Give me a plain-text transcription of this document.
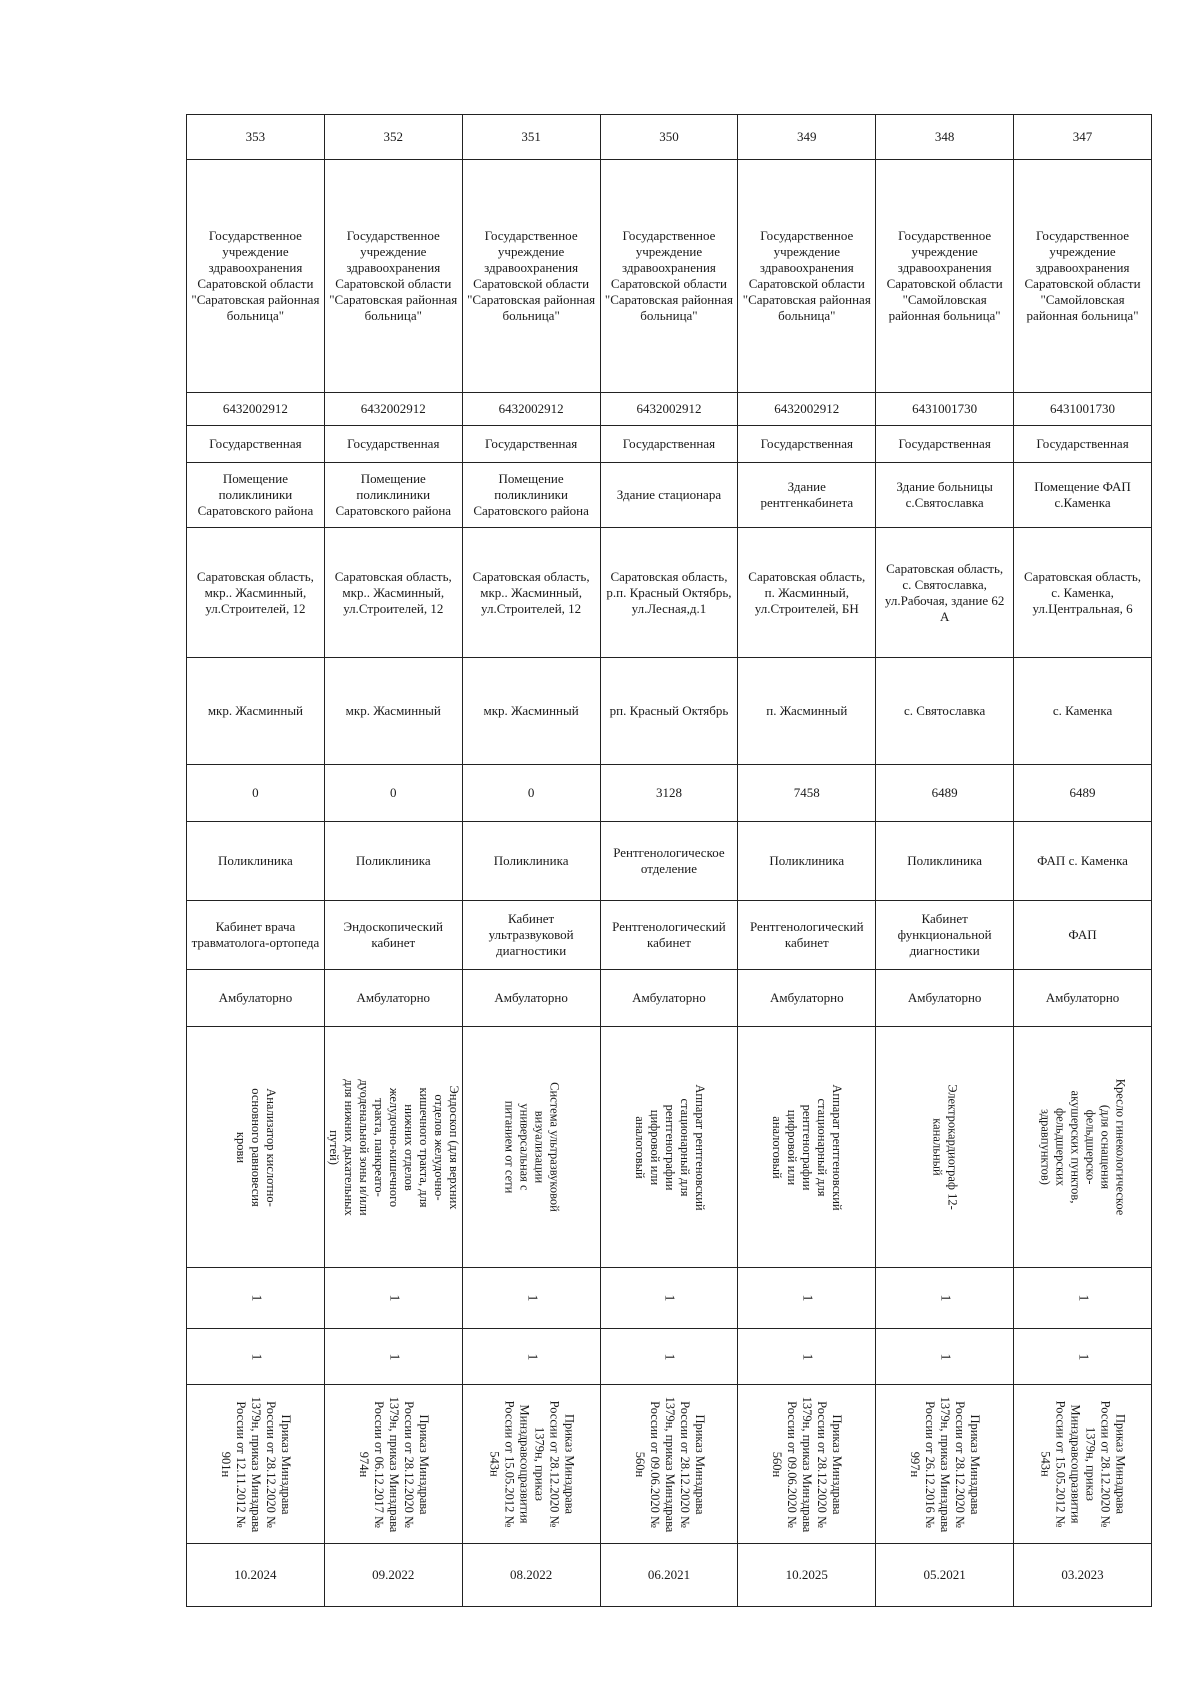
353	352	351	350	349	348	347
Государственное учреждение здравоохранения Саратовской области "Саратовская районная больница"	Государственное учреждение здравоохранения Саратовской области "Саратовская районная больница"	Государственное учреждение здравоохранения Саратовской области "Саратовская районная больница"	Государственное учреждение здравоохранения Саратовской области "Саратовская районная больница"	Государственное учреждение здравоохранения Саратовской области "Саратовская районная больница"	Государственное учреждение здравоохранения Саратовской области "Самойловская районная больница"	Государственное учреждение здравоохранения Саратовской области "Самойловская районная больница"
6432002912	6432002912	6432002912	6432002912	6432002912	6431001730	6431001730
Государственная	Государственная	Государственная	Государственная	Государственная	Государственная	Государственная
Помещение поликлиники Саратовского района	Помещение поликлиники Саратовского района	Помещение поликлиники Саратовского района	Здание стационара	Здание рентгенкабинета	Здание больницы с.Святославка	Помещение ФАП с.Каменка
Саратовская область, мкр.. Жасминный, ул.Строителей, 12	Саратовская область, мкр.. Жасминный, ул.Строителей, 12	Саратовская область, мкр.. Жасминный, ул.Строителей, 12	Саратовская область, р.п. Красный Октябрь, ул.Лесная,д.1	Саратовская область, п. Жасминный, ул.Строителей, БН	Саратовская область, с. Святославка, ул.Рабочая, здание 62 А	Саратовская область, с. Каменка, ул.Центральная, 6
мкр. Жасминный	мкр. Жасминный	мкр. Жасминный	рп. Красный Октябрь	п. Жасминный	с. Святославка	с. Каменка
0	0	0	3128	7458	6489	6489
Поликлиника	Поликлиника	Поликлиника	Рентгенологическое отделение	Поликлиника	Поликлиника	ФАП с. Каменка
Кабинет врача травматолога-ортопеда	Эндоскопический кабинет	Кабинет ультразвуковой диагностики	Рентгенологический кабинет	Рентгенологический кабинет	Кабинет функциональной диагностики	ФАП
Амбулаторно	Амбулаторно	Амбулаторно	Амбулаторно	Амбулаторно	Амбулаторно	Амбулаторно

Анализатор кислотно-основного равновесия крови	Эндоскоп (для верхних отделов желудочно- кишечного тракта, для нижних отделов желудочно-кишечного тракта, панкреато-дуоденальной зоны и/или для нижних дыхательных путей)	Система ультразвуковой визуализации универсальная с питанием от сети	Аппарат рентгеновский стационарный для рентгенографии цифровой или аналоговый	Аппарат рентгеновский стационарный для рентгенографии цифровой или аналоговый	Электрокардиограф 12-канальный	Кресло гинекологическое (для оснащения фельдшерско-акушерских пунктов, фельдшерских здравпунктов)

1	1	1	1	1	1	1

1	1	1	1	1	1	1

Приказ Минздрава России от 28.12.2020 № 1379н, приказ Минздрава России от 12.11.2012 № 901н	Приказ Минздрава России от 28.12.2020 № 1379н, приказ Минздрава России от 06.12.2017 № 974н	Приказ Минздрава России от 28.12.2020 № 1379н, приказ Минздравсоцразвития России от 15.05.2012 № 543н	Приказ Минздрава России от 28.12.2020 № 1379н, приказ Минздрава России от 09.06.2020 № 560н	Приказ Минздрава России от 28.12.2020 № 1379н, приказ Минздрава России от 09.06.2020 № 560н	Приказ Минздрава России от 28.12.2020 № 1379н, приказ Минздрава России от 26.12.2016 № 997н	Приказ Минздрава России от 28.12.2020 № 1379н, приказ Минздравсоцразвития России от 15.05.2012 № 543н

10.2024	09.2022	08.2022	06.2021	10.2025	05.2021	03.2023
